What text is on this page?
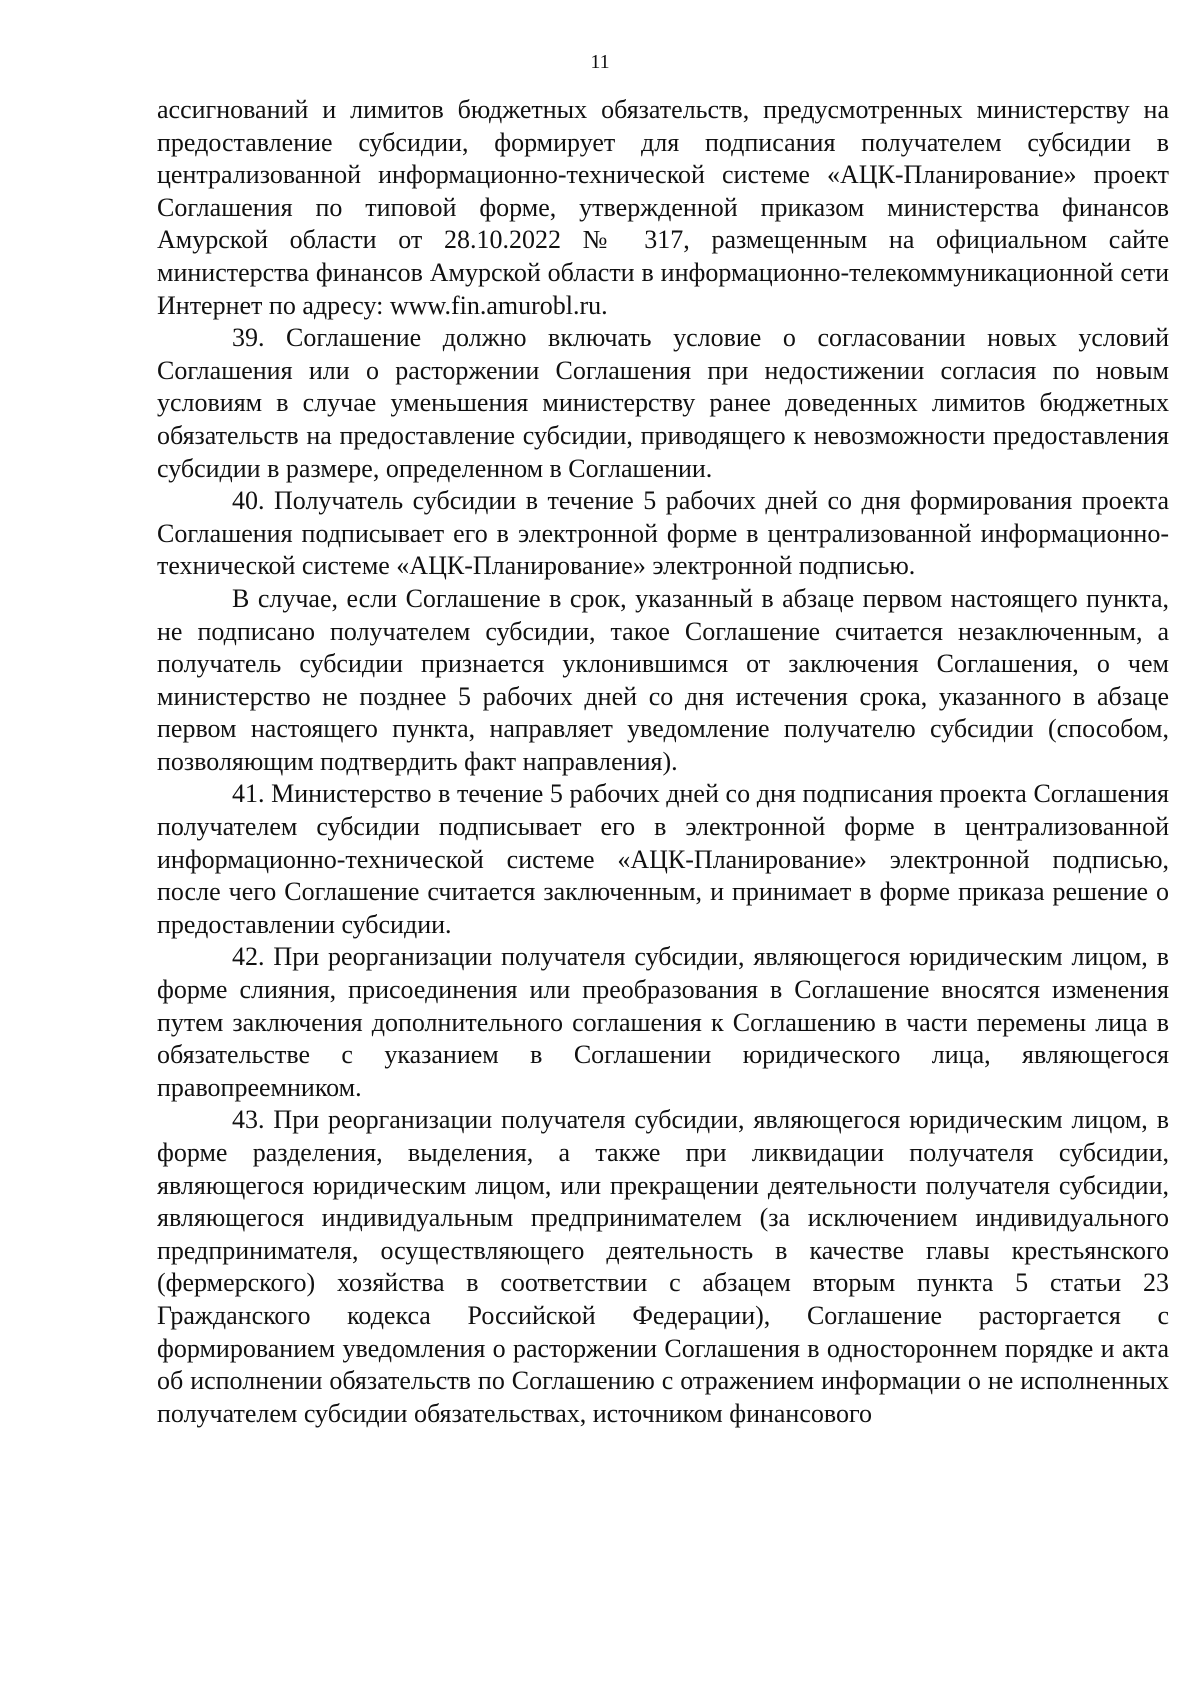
11

ассигнований и лимитов бюджетных обязательств, предусмотренных министерству на предоставление субсидии, формирует для подписания получателем субсидии в централизованной информационно-технической системе «АЦК-Планирование» проект Соглашения по типовой форме, утвержденной приказом министерства финансов Амурской области от 28.10.2022 № 317, размещенным на официальном сайте министерства финансов Амурской области в информационно-телекоммуникационной сети Интернет по адресу: www.fin.amurobl.ru.

39. Соглашение должно включать условие о согласовании новых условий Соглашения или о расторжении Соглашения при недостижении согласия по новым условиям в случае уменьшения министерству ранее доведенных лимитов бюджетных обязательств на предоставление субсидии, приводящего к невозможности предоставления субсидии в размере, определенном в Соглашении.

40. Получатель субсидии в течение 5 рабочих дней со дня формирования проекта Соглашения подписывает его в электронной форме в централизованной информационно-технической системе «АЦК-Планирование» электронной подписью.

В случае, если Соглашение в срок, указанный в абзаце первом настоящего пункта, не подписано получателем субсидии, такое Соглашение считается незаключенным, а получатель субсидии признается уклонившимся от заключения Соглашения, о чем министерство не позднее 5 рабочих дней со дня истечения срока, указанного в абзаце первом настоящего пункта, направляет уведомление получателю субсидии (способом, позволяющим подтвердить факт направления).

41. Министерство в течение 5 рабочих дней со дня подписания проекта Соглашения получателем субсидии подписывает его в электронной форме в централизованной информационно-технической системе «АЦК-Планирование» электронной подписью, после чего Соглашение считается заключенным, и принимает в форме приказа решение о предоставлении субсидии.

42. При реорганизации получателя субсидии, являющегося юридическим лицом, в форме слияния, присоединения или преобразования в Соглашение вносятся изменения путем заключения дополнительного соглашения к Соглашению в части перемены лица в обязательстве с указанием в Соглашении юридического лица, являющегося правопреемником.

43. При реорганизации получателя субсидии, являющегося юридическим лицом, в форме разделения, выделения, а также при ликвидации получателя субсидии, являющегося юридическим лицом, или прекращении деятельности получателя субсидии, являющегося индивидуальным предпринимателем (за исключением индивидуального предпринимателя, осуществляющего деятельность в качестве главы крестьянского (фермерского) хозяйства в соответствии с абзацем вторым пункта 5 статьи 23 Гражданского кодекса Российской Федерации), Соглашение расторгается с формированием уведомления о расторжении Соглашения в одностороннем порядке и акта об исполнении обязательств по Соглашению с отражением информации о не исполненных получателем субсидии обязательствах, источником финансового
